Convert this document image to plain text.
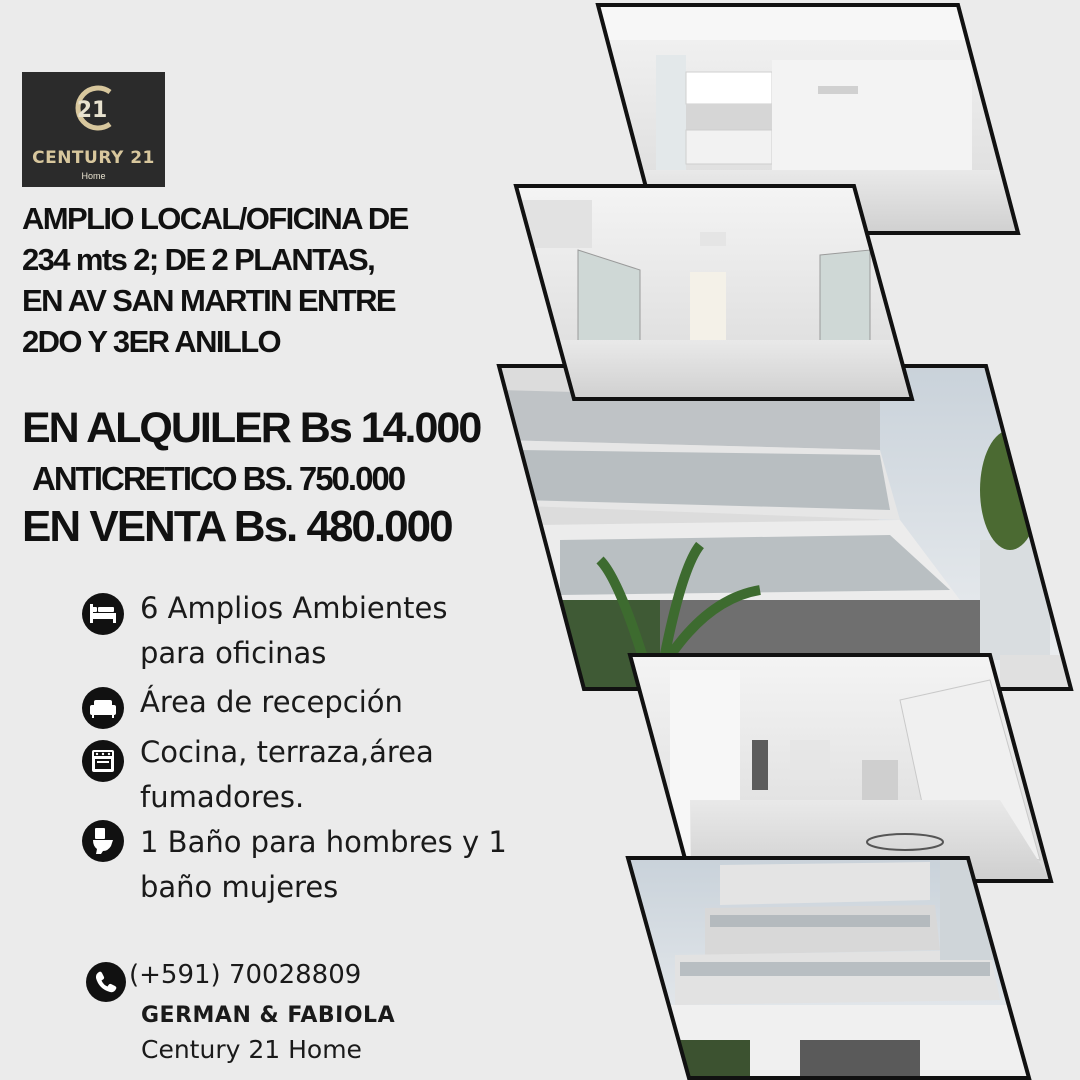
21
CENTURY 21
Home
AMPLIO LOCAL/OFICINA DE
234 mts 2; DE 2 PLANTAS,
EN AV SAN MARTIN ENTRE
2DO Y 3ER ANILLO
EN ALQUILER Bs 14.000
ANTICRETICO BS. 750.000
EN VENTA Bs. 480.000
6 Amplios Ambientes
para oficinas
Área de recepción
Cocina, terraza,área
fumadores.
1 Baño para hombres y 1
baño mujeres
(+591) 70028809
GERMAN & FABIOLA
Century 21 Home
